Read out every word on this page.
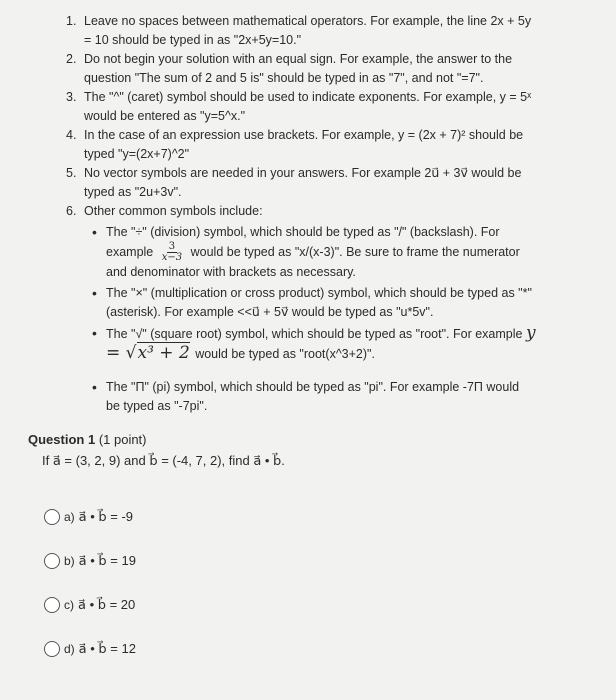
1. Leave no spaces between mathematical operators. For example, the line 2x + 5y = 10 should be typed in as "2x+5y=10."
2. Do not begin your solution with an equal sign. For example, the answer to the question "The sum of 2 and 5 is" should be typed in as "7", and not "=7".
3. The "^" (caret) symbol should be used to indicate exponents. For example, y = 5ˣ would be entered as "y=5^x."
4. In the case of an expression use brackets. For example, y = (2x + 7)² should be typed "y=(2x+7)^2"
5. No vector symbols are needed in your answers. For example 2u⃗ + 3v⃗ would be typed as "2u+3v".
6. Other common symbols include:
• The "÷" (division) symbol, which should be typed as "/" (backslash). For example $\frac{3}{x-3}$ would be typed as "x/(x-3)". Be sure to frame the numerator and denominator with brackets as necessary.
• The "×" (multiplication or cross product) symbol, which should be typed as "*" (asterisk). For example <<u⃗ + 5v⃗ would be typed as "u*5v".
• The "√" (square root) symbol, which should be typed as "root". For example y = √x³ + 2 would be typed as "root(x^3+2)".
• The "Π" (pi) symbol, which should be typed as "pi". For example -7Π would be typed as "-7pi".
Question 1 (1 point)
If a⃗ = (3, 2, 9) and b⃗ = (-4, 7, 2), find a⃗ • b⃗.
a) a⃗ • b⃗ = -9
b) a⃗ • b⃗ = 19
c) a⃗ • b⃗ = 20
d) a⃗ • b⃗ = 12
